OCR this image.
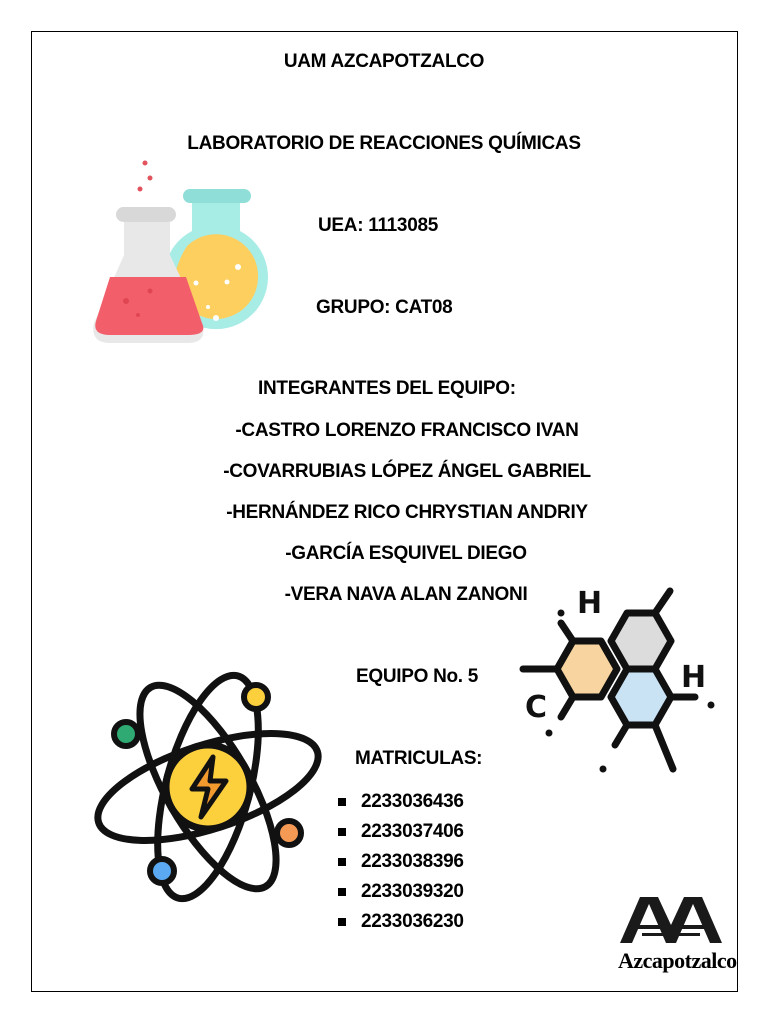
UAM AZCAPOTZALCO
LABORATORIO DE REACCIONES QUÍMICAS
UEA: 1113085
GRUPO: CAT08
INTEGRANTES DEL EQUIPO:
-CASTRO LORENZO FRANCISCO IVAN
-COVARRUBIAS LÓPEZ ÁNGEL GABRIEL
-HERNÁNDEZ RICO CHRYSTIAN ANDRIY
-GARCÍA ESQUIVEL DIEGO
-VERA NAVA ALAN ZANONI
EQUIPO No. 5
MATRICULAS:
2233036436
2233037406
2233038396
2233039320
2233036230
H
H
C
Azcapotzalco
